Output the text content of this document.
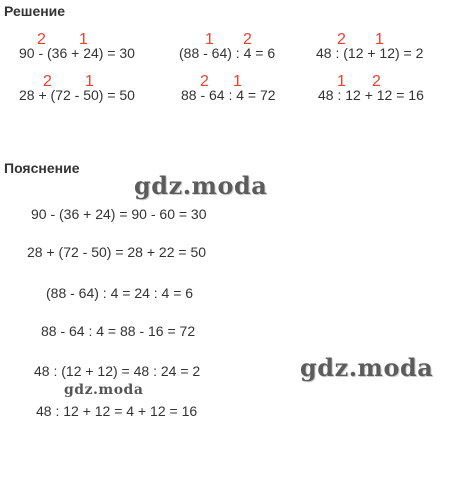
Решение
90 - (36 + 24) = 30
2 1
(88 - 64) : 4 = 6
1 2
48 : (12 + 12) = 2
2 1
28 + (72 - 50) = 50
2 1
88 - 64 : 4 = 72
2 1
48 : 12 + 12 = 16
1 2
Пояснение
90 - (36 + 24) = 90 - 60 = 30
28 + (72 - 50) = 28 + 22 = 50
(88 - 64) : 4 = 24 : 4 = 6
88 - 64 : 4 = 88 - 16 = 72
48 : (12 + 12) = 48 : 24 = 2
48 : 12 + 12 = 4 + 12 = 16
gdz.moda
gdz.moda
gdz.moda
